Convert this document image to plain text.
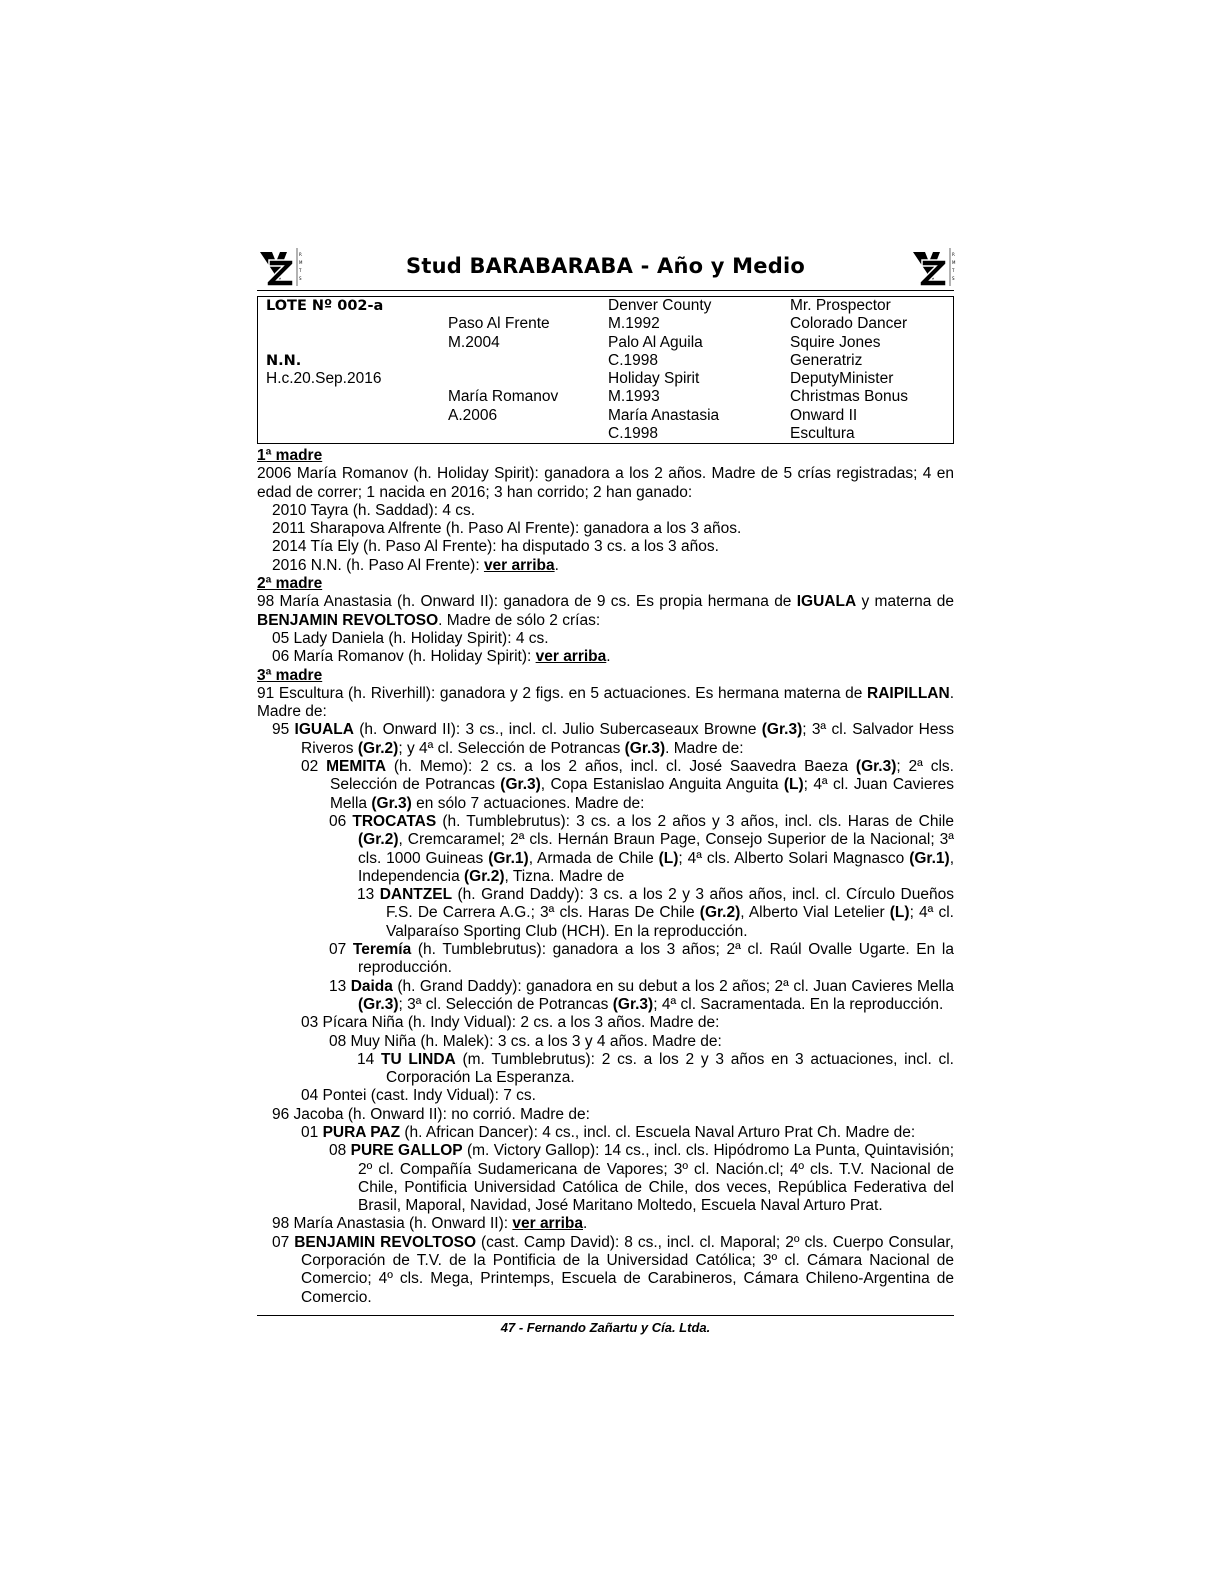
R
M
T
S
Stud BARABARABA - Año y Medio	R
M
T
S
LOTE Nº 002-a
N.N.
H.c.20.Sep.2016
Paso Al Frente
M.2004
María Romanov
A.2006
Denver County
M.1992
Palo Al Aguila
C.1998
Holiday Spirit
M.1993
María Anastasia
C.1998
Mr. Prospector
Colorado Dancer
Squire Jones
Generatriz
DeputyMinister
Christmas Bonus
Onward II
Escultura

1ª madre

2006 María Romanov (h. Holiday Spirit): ganadora a los 2 años. Madre de 5 crías registradas; 4 en edad de correr; 1 nacida en 2016; 3 han corrido; 2 han ganado:

2010 Tayra (h. Saddad): 4 cs.

2011 Sharapova Alfrente (h. Paso Al Frente): ganadora a los 3 años.

2014 Tía Ely (h. Paso Al Frente): ha disputado 3 cs. a los 3 años.

2016 N.N. (h. Paso Al Frente): ver arriba.

2ª madre

98 María Anastasia (h. Onward II): ganadora de 9 cs. Es propia hermana de IGUALA y materna de BENJAMIN REVOLTOSO. Madre de sólo 2 crías:

05 Lady Daniela (h. Holiday Spirit): 4 cs.

06 María Romanov (h. Holiday Spirit): ver arriba.

3ª madre

91 Escultura (h. Riverhill): ganadora y 2 figs. en 5 actuaciones. Es hermana materna de RAIPILLAN. Madre de:

95 IGUALA (h. Onward II): 3 cs., incl. cl. Julio Subercaseaux Browne (Gr.3); 3ª cl. Salvador Hess Riveros (Gr.2); y 4ª cl. Selección de Potrancas (Gr.3). Madre de:

02 MEMITA (h. Memo): 2 cs. a los 2 años, incl. cl. José Saavedra Baeza (Gr.3); 2ª cls. Selección de Potrancas (Gr.3), Copa Estanislao Anguita Anguita (L); 4ª cl. Juan Cavieres Mella (Gr.3) en sólo 7 actuaciones. Madre de:

06 TROCATAS (h. Tumblebrutus): 3 cs. a los 2 años y 3 años, incl. cls. Haras de Chile (Gr.2), Cremcaramel; 2ª cls. Hernán Braun Page, Consejo Superior de la Nacional; 3ª cls. 1000 Guineas (Gr.1), Armada de Chile (L); 4ª cls. Alberto Solari Magnasco (Gr.1), Independencia (Gr.2), Tizna. Madre de

13 DANTZEL (h. Grand Daddy): 3 cs. a los 2 y 3 años años, incl. cl. Círculo Dueños F.S. De Carrera A.G.; 3ª cls. Haras De Chile (Gr.2), Alberto Vial Letelier (L); 4ª cl. Valparaíso Sporting Club (HCH). En la reproducción.

07 Teremía (h. Tumblebrutus): ganadora a los 3 años; 2ª cl. Raúl Ovalle Ugarte. En la reproducción.

13 Daida (h. Grand Daddy): ganadora en su debut a los 2 años; 2ª cl. Juan Cavieres Mella (Gr.3); 3ª cl. Selección de Potrancas (Gr.3); 4ª cl. Sacramentada. En la reproducción.

03 Pícara Niña (h. Indy Vidual): 2 cs. a los 3 años. Madre de:

08 Muy Niña (h. Malek): 3 cs. a los 3 y 4 años. Madre de:

14 TU LINDA (m. Tumblebrutus): 2 cs. a los 2 y 3 años en 3 actuaciones, incl. cl. Corporación La Esperanza.

04 Pontei (cast. Indy Vidual): 7 cs.

96 Jacoba (h. Onward II): no corrió. Madre de:

01 PURA PAZ (h. African Dancer): 4 cs., incl. cl. Escuela Naval Arturo Prat Ch. Madre de:

08 PURE GALLOP (m. Victory Gallop): 14 cs., incl. cls. Hipódromo La Punta, Quintavisión; 2º cl. Compañía Sudamericana de Vapores; 3º cl. Nación.cl; 4º cls. T.V. Nacional de Chile, Pontificia Universidad Católica de Chile, dos veces, República Federativa del Brasil, Maporal, Navidad, José Maritano Moltedo, Escuela Naval Arturo Prat.

98 María Anastasia (h. Onward II): ver arriba.

07 BENJAMIN REVOLTOSO (cast. Camp David): 8 cs., incl. cl. Maporal; 2º cls. Cuerpo Consular, Corporación de T.V. de la Pontificia de la Universidad Católica; 3º cl. Cámara Nacional de Comercio; 4º cls. Mega, Printemps, Escuela de Carabineros, Cámara Chileno-Argentina de Comercio.

47 - Fernando Zañartu y Cía. Ltda.
